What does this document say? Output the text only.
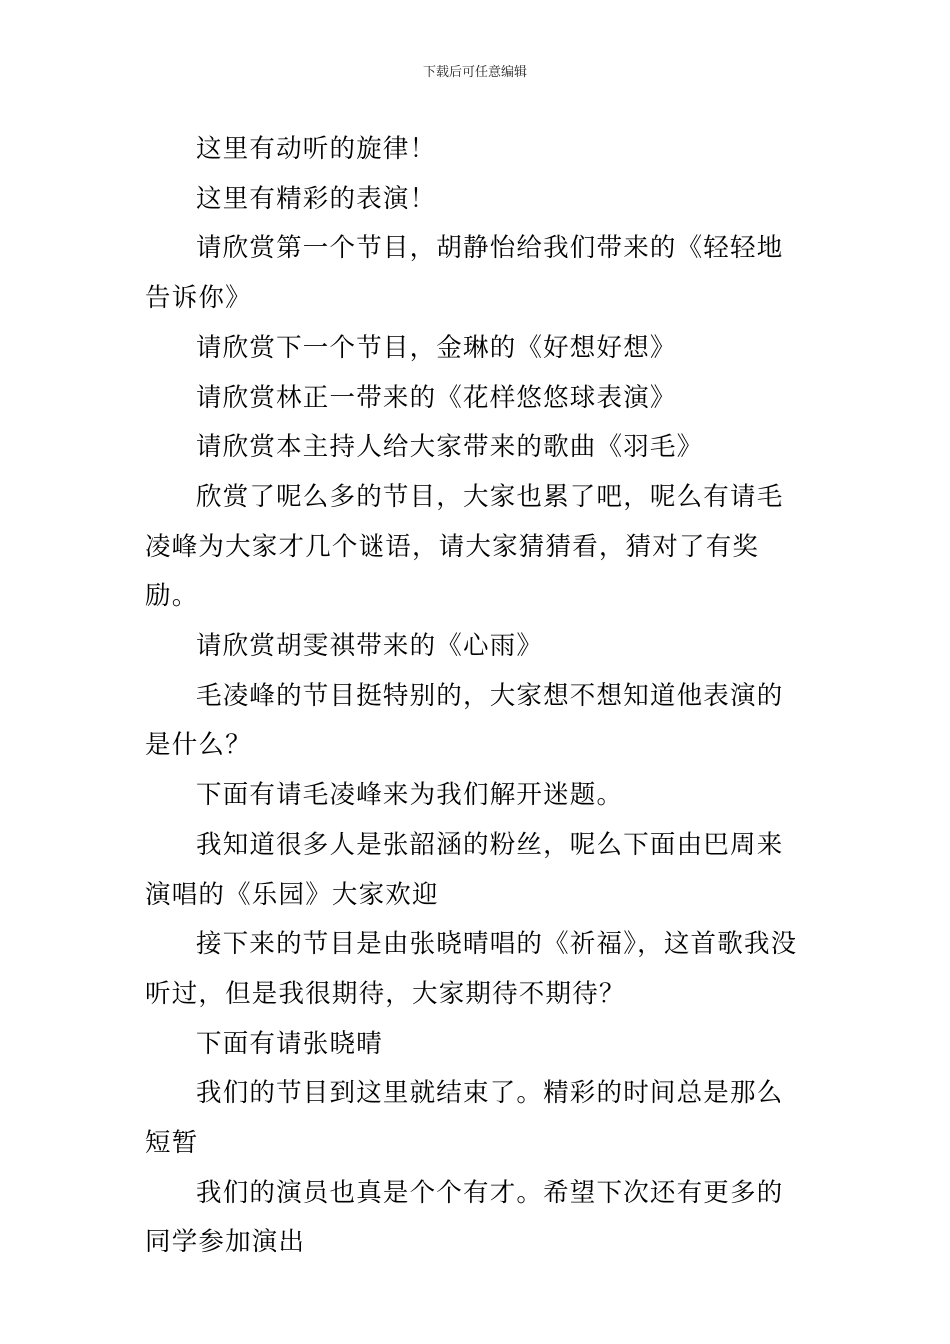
下载后可任意编辑

这里有动听的旋律！

这里有精彩的表演！

请欣赏第一个节目，胡静怡给我们带来的《轻轻地告诉你》

请欣赏下一个节目，金琳的《好想好想》

请欣赏林正一带来的《花样悠悠球表演》

请欣赏本主持人给大家带来的歌曲《羽毛》

欣赏了呢么多的节目，大家也累了吧，呢么有请毛凌峰为大家才几个谜语，请大家猜猜看，猜对了有奖励。

请欣赏胡雯祺带来的《心雨》

毛凌峰的节目挺特别的，大家想不想知道他表演的是什么？

下面有请毛凌峰来为我们解开迷题。

我知道很多人是张韶涵的粉丝，呢么下面由巴周来演唱的《乐园》大家欢迎

接下来的节目是由张晓晴唱的《祈福》，这首歌我没听过，但是我很期待，大家期待不期待？

下面有请张晓晴

我们的节目到这里就结束了。精彩的时间总是那么短暂

我们的演员也真是个个有才。希望下次还有更多的同学参加演出
